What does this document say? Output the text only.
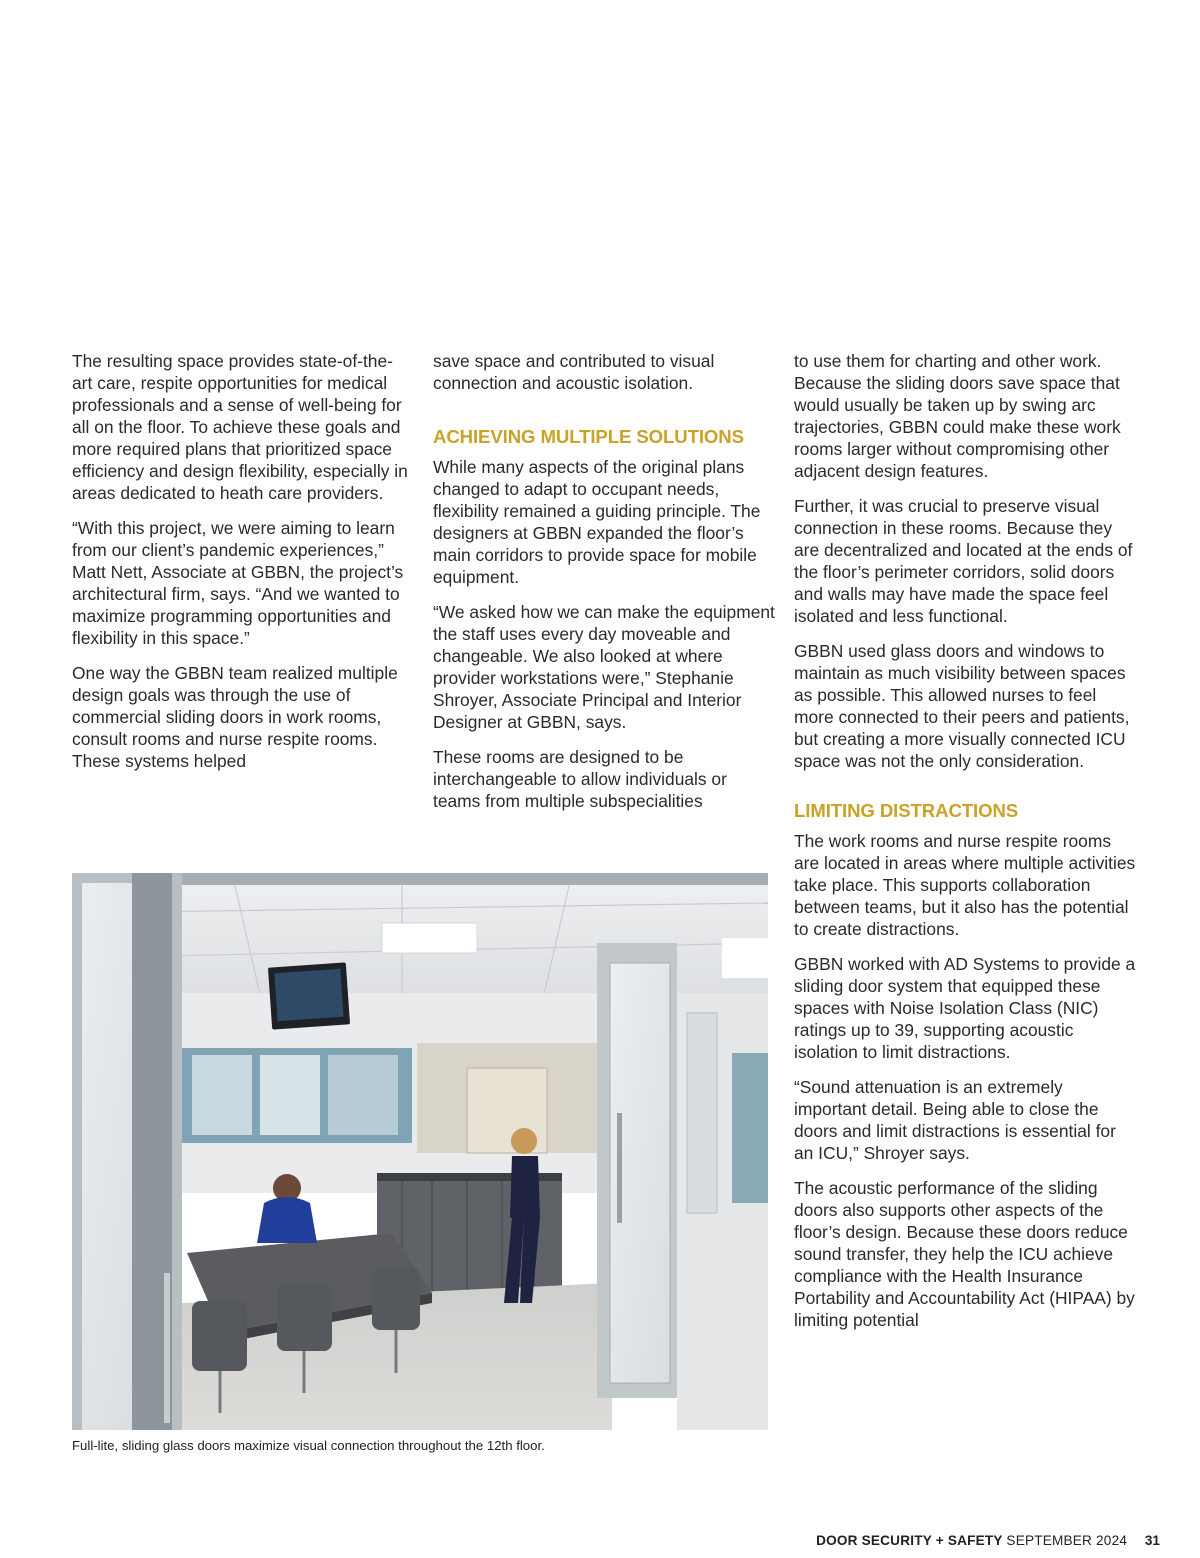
The resulting space provides state-of-the-art care, respite opportunities for medical professionals and a sense of well-being for all on the floor. To achieve these goals and more required plans that prioritized space efficiency and design flexibility, especially in areas dedicated to heath care providers.

“With this project, we were aiming to learn from our client’s pandemic experiences,” Matt Nett, Associate at GBBN, the project’s architectural firm, says. “And we wanted to maximize programming opportunities and flexibility in this space.”

One way the GBBN team realized multiple design goals was through the use of commercial sliding doors in work rooms, consult rooms and nurse respite rooms. These systems helped

save space and contributed to visual connection and acoustic isolation.

ACHIEVING MULTIPLE SOLUTIONS

While many aspects of the original plans changed to adapt to occupant needs, flexibility remained a guiding principle. The designers at GBBN expanded the floor’s main corridors to provide space for mobile equipment.

“We asked how we can make the equipment the staff uses every day moveable and changeable. We also looked at where provider workstations were,” Stephanie Shroyer, Associate Principal and Interior Designer at GBBN, says.

These rooms are designed to be interchangeable to allow individuals or teams from multiple subspecialities

to use them for charting and other work. Because the sliding doors save space that would usually be taken up by swing arc trajectories, GBBN could make these work rooms larger without compromising other adjacent design features.

Further, it was crucial to preserve visual connection in these rooms. Because they are decentralized and located at the ends of the floor’s perimeter corridors, solid doors and walls may have made the space feel isolated and less functional.

GBBN used glass doors and windows to maintain as much visibility between spaces as possible. This allowed nurses to feel more connected to their peers and patients, but creating a more visually connected ICU space was not the only consideration.

LIMITING DISTRACTIONS

The work rooms and nurse respite rooms are located in areas where multiple activities take place. This supports collaboration between teams, but it also has the potential to create distractions.

GBBN worked with AD Systems to provide a sliding door system that equipped these spaces with Noise Isolation Class (NIC) ratings up to 39, supporting acoustic isolation to limit distractions.

“Sound attenuation is an extremely important detail. Being able to close the doors and limit distractions is essential for an ICU,” Shroyer says.

The acoustic performance of the sliding doors also supports other aspects of the floor’s design. Because these doors reduce sound transfer, they help the ICU achieve compliance with the Health Insurance Portability and Accountability Act (HIPAA) by limiting potential

Full-lite, sliding glass doors maximize visual connection throughout the 12th floor.
DOOR SECURITY + SAFETY SEPTEMBER 2024 31
